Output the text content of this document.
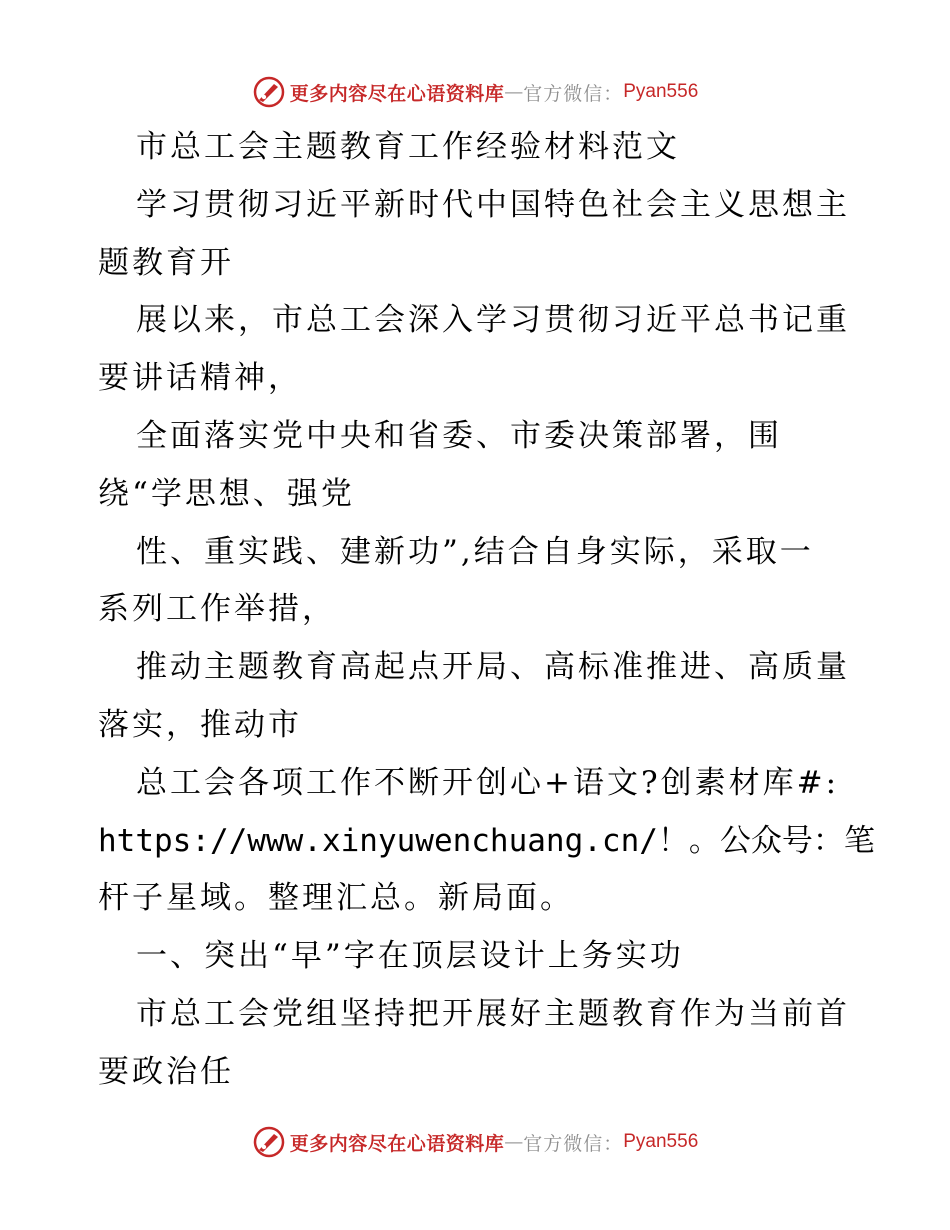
更多内容尽在心语资料库 — 官方微信： Pyan556

市总工会主题教育工作经验材料范文

学习贯彻习近平新时代中国特色社会主义思想主

题教育开

展以来，市总工会深入学习贯彻习近平总书记重

要讲话精神，

全面落实党中央和省委、市委决策部署，围

绕“学思想、强党

性、重实践、建新功”,结合自身实际，采取一

系列工作举措，

推动主题教育高起点开局、高标准推进、高质量

落实，推动市

总工会各项工作不断开创心+语文?创素材库#:

https://www.xinyuwenchuang.cn/！。公众号：笔

杆子星域。整理汇总。新局面。

一、突出“早”字在顶层设计上务实功

市总工会党组坚持把开展好主题教育作为当前首

要政治任

更多内容尽在心语资料库 — 官方微信： Pyan556
